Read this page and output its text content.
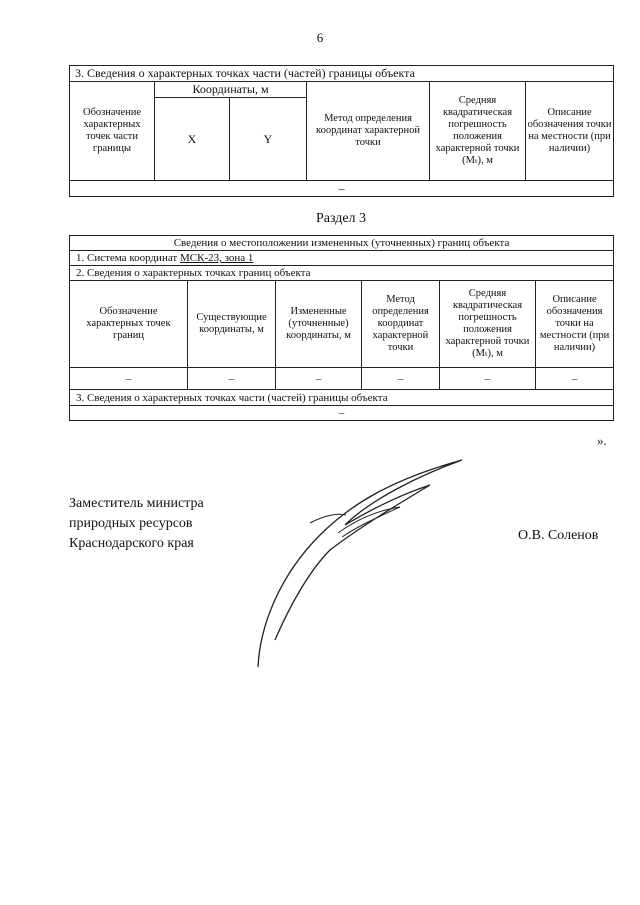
6
3. Сведения о характерных точках части (частей) границы объекта					
Обозначение характерных точек части границы	Координаты, м		Метод определения координат характерной точки	Средняя квадратическая погрешность положения характерной точки (Mₜ), м	Описание обозначения точки на местности (при наличии)
	X	Y			
–					
Раздел 3
Сведения о местоположении измененных (уточненных) границ объекта					
1. Система координат МСК-23, зона 1					
2. Сведения о характерных точках границ объекта					
Обозначение характерных точек границ	Существующие координаты, м	Измененные (уточненные) координаты, м	Метод определения координат характерной точки	Средняя квадратическая погрешность положения характерной точки (Mₜ), м	Описание обозначения точки на местности (при наличии)
–	–	–	–	–	–
3. Сведения о характерных точках части (частей) границы объекта					
–					
».
Заместитель министра
природных ресурсов
Краснодарского края
О.В. Соленов
